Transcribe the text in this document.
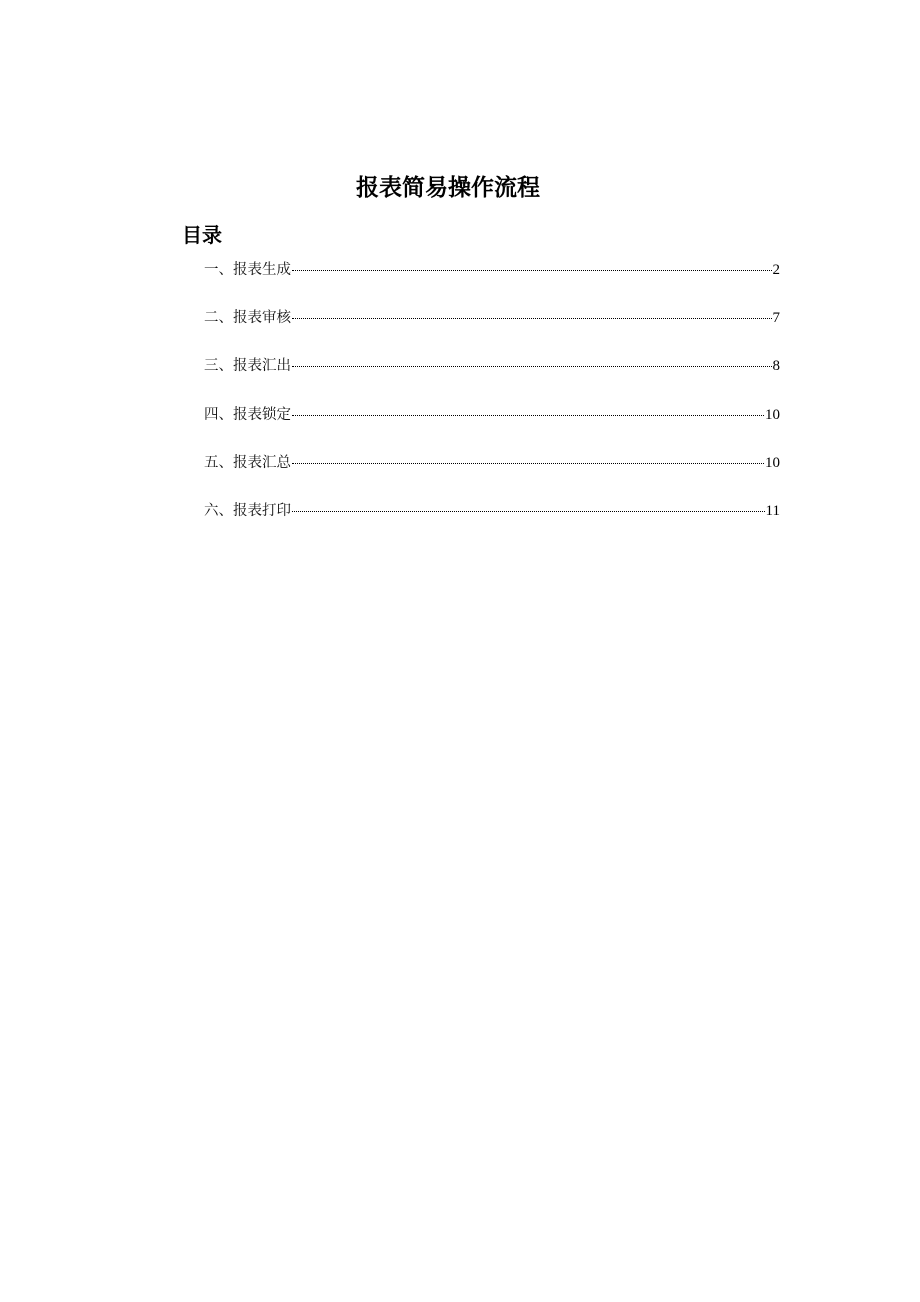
报表简易操作流程
目录
一、报表生成	2
二、报表审核	7
三、报表汇出	8
四、报表锁定	10
五、报表汇总	10
六、报表打印	11
